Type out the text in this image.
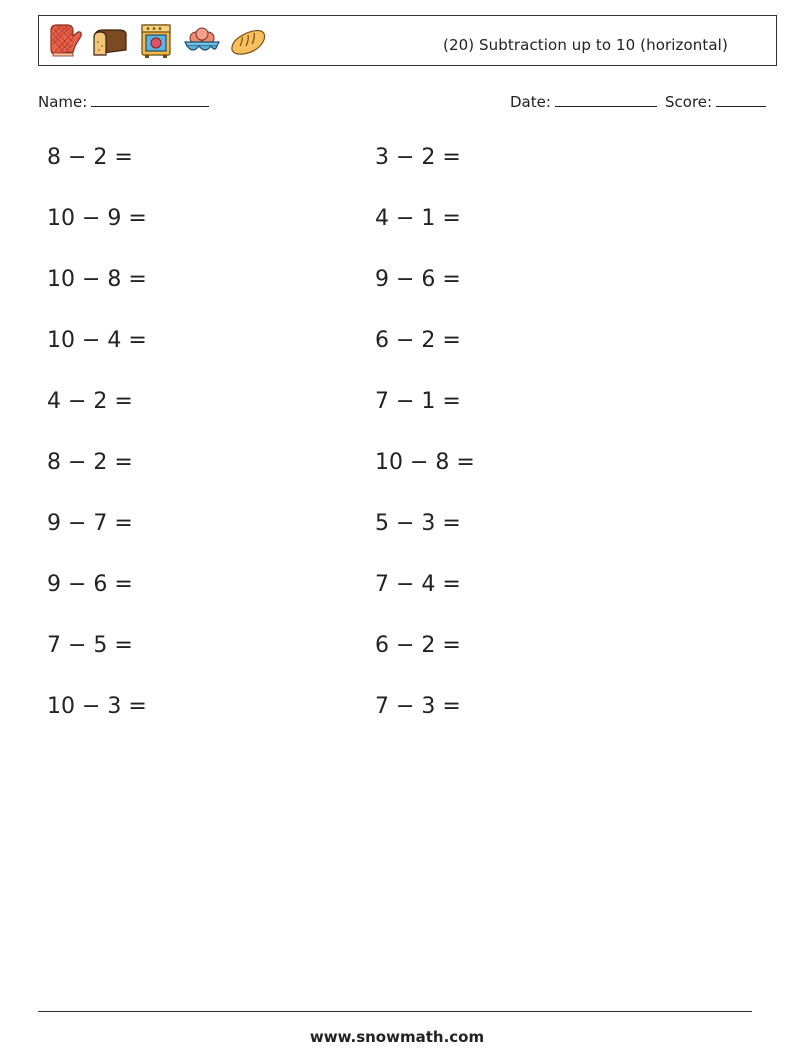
(20) Subtraction up to 10 (horizontal)
Name:	Date:	Score:
8 − 2 =	3 − 2 =
10 − 9 =	4 − 1 =
10 − 8 =	9 − 6 =
10 − 4 =	6 − 2 =
4 − 2 =	7 − 1 =
8 − 2 =	10 − 8 =
9 − 7 =	5 − 3 =
9 − 6 =	7 − 4 =
7 − 5 =	6 − 2 =
10 − 3 =	7 − 3 =
www.snowmath.com
